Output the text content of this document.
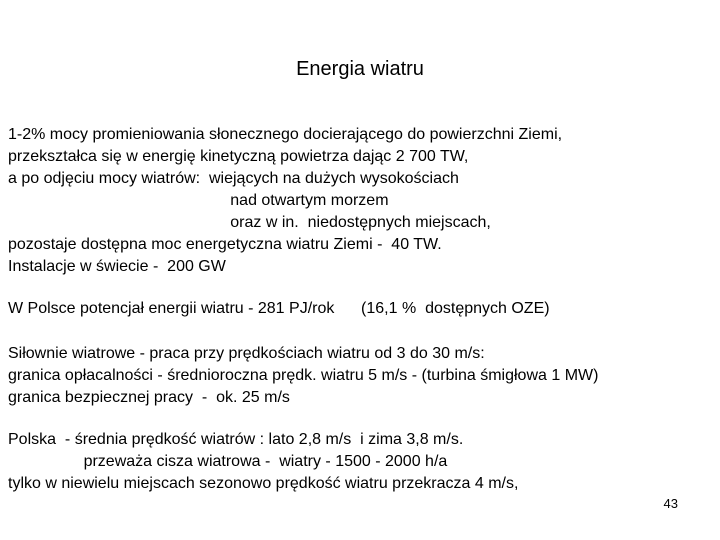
Energia wiatru
1-2% mocy promieniowania słonecznego docierającego do powierzchni Ziemi,
przekształca się w energię kinetyczną powietrza dając 2 700 TW,
a po odjęciu mocy wiatrów:  wiejących na dużych wysokościach
nad otwartym morzem
oraz w in.  niedostępnych miejscach,
pozostaje dostępna moc energetyczna wiatru Ziemi -  40 TW.
Instalacje w świecie -  200 GW
W Polsce potencjał energii wiatru - 281 PJ/rok      (16,1 %  dostępnych OZE)
Siłownie wiatrowe - praca przy prędkościach wiatru od 3 do 30 m/s:
granica opłacalności - średnioroczna prędk. wiatru 5 m/s - (turbina śmigłowa 1 MW)
granica bezpiecznej pracy  -  ok. 25 m/s
Polska  - średnia prędkość wiatrów : lato 2,8 m/s  i zima 3,8 m/s.
przeważa cisza wiatrowa -  wiatry - 1500 - 2000 h/a
tylko w niewielu miejscach sezonowo prędkość wiatru przekracza 4 m/s,
43
